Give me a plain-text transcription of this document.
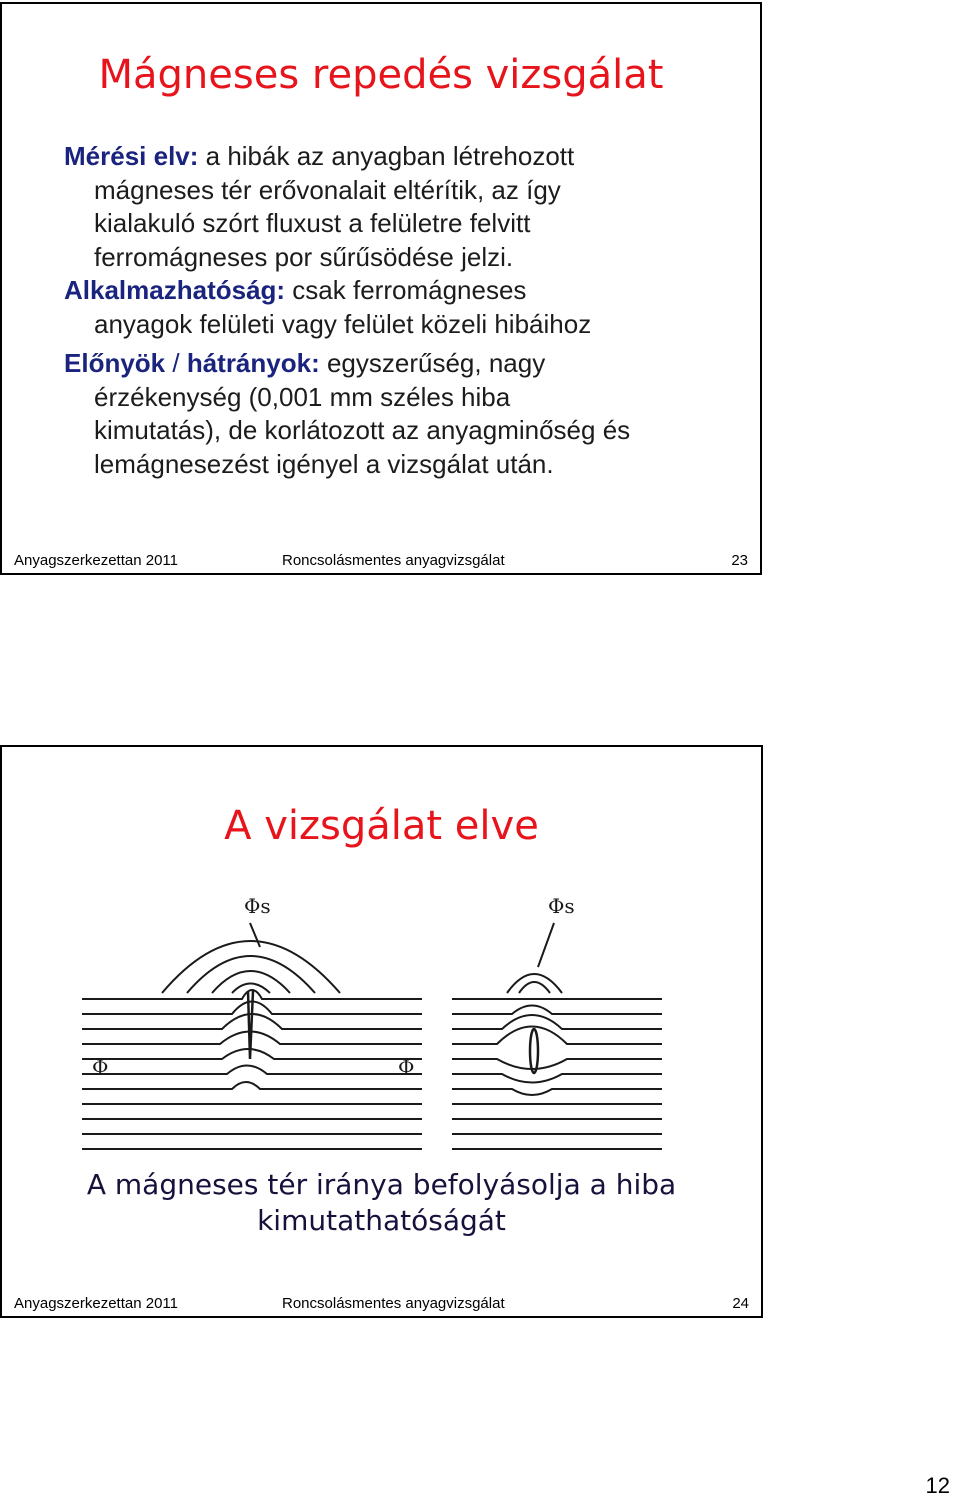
Mágneses repedés vizsgálat

Mérési elv: a hibák az anyagban létrehozott
mágneses tér erővonalait eltérítik, az így
kialakuló szórt fluxust a felületre felvitt
ferromágneses por sűrűsödése jelzi.

Alkalmazhatóság: csak ferromágneses
anyagok felületi vagy felület közeli hibáihoz

Előnyök / hátrányok: egyszerűség, nagy
érzékenység (0,001 mm széles hiba
kimutatás), de korlátozott az anyagminőség és
lemágnesezést igényel a vizsgálat után.

Anyagszerkezettan 2011	Roncsolásmentes anyagvizsgálat	23
A vizsgálat elve
Φs	Φs
Φ	Φ
A mágneses tér iránya befolyásolja a hiba
kimutathatóságát
Anyagszerkezettan 2011	Roncsolásmentes anyagvizsgálat	24
12
